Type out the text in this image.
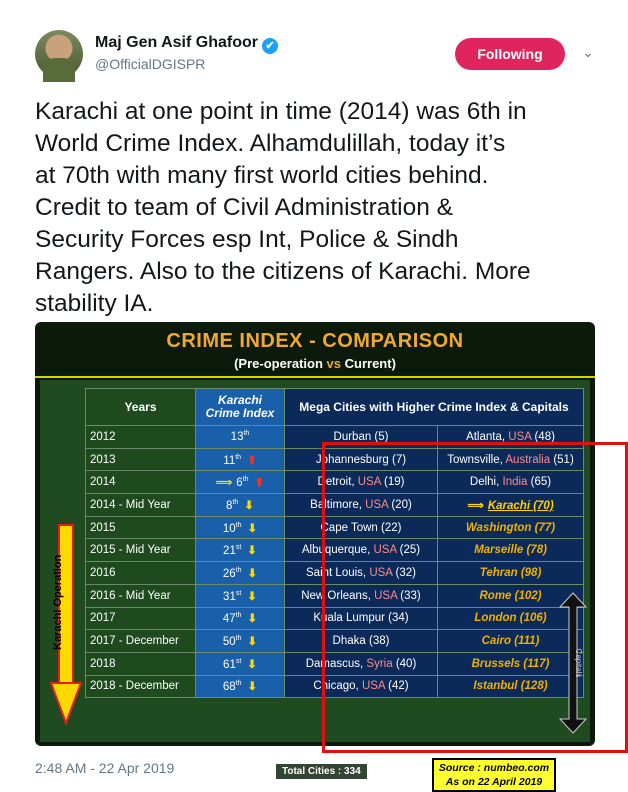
Maj Gen Asif Ghafoor ✔
@OfficialDGISPR
Following	⌄
Karachi at one point in time (2014) was 6th in
World Crime Index. Alhamdulillah, today it’s
at 70th with many first world cities behind.
Credit to team of Civil Administration &
Security Forces esp Int, Police & Sindh
Rangers. Also to the citizens of Karachi. More
stability IA.
CRIME INDEX - COMPARISON
(Pre-operation vs Current)
Karachi Operation
Years	Karachi
Crime Index	Mega Cities with Higher Crime Index & Capitals	
2012	13th	Durban (5)	Atlanta, USA (48)
2013	11th ⬆	Johannesburg (7)	Townsville, Australia (51)
2014	⟹ 6th ⬆	Detroit, USA (19)	Delhi, India (65)
2014 - Mid Year	8th ⬇	Baltimore, USA (20)	⟹ Karachi (70)
2015	10th ⬇	Cape Town (22)	Washington (77)
2015 - Mid Year	21st ⬇	Albuquerque, USA (25)	Marseille (78)
2016	26th ⬇	Saint Louis, USA (32)	Tehran (98)
2016 - Mid Year	31st ⬇	New Orleans, USA (33)	Rome (102)
2017	47th ⬇	Kuala Lumpur (34)	London (106)
2017 - December	50th ⬇	Dhaka (38)	Cairo (111)
2018	61st ⬇	Damascus, Syria (40)	Brussels (117)
2018 - December	68th ⬇	Chicago, USA (42)	Istanbul (128)
Capitals
Total Cities : 334	Source : numbeo.com
As on 22 April 2019
2:48 AM - 22 Apr 2019
